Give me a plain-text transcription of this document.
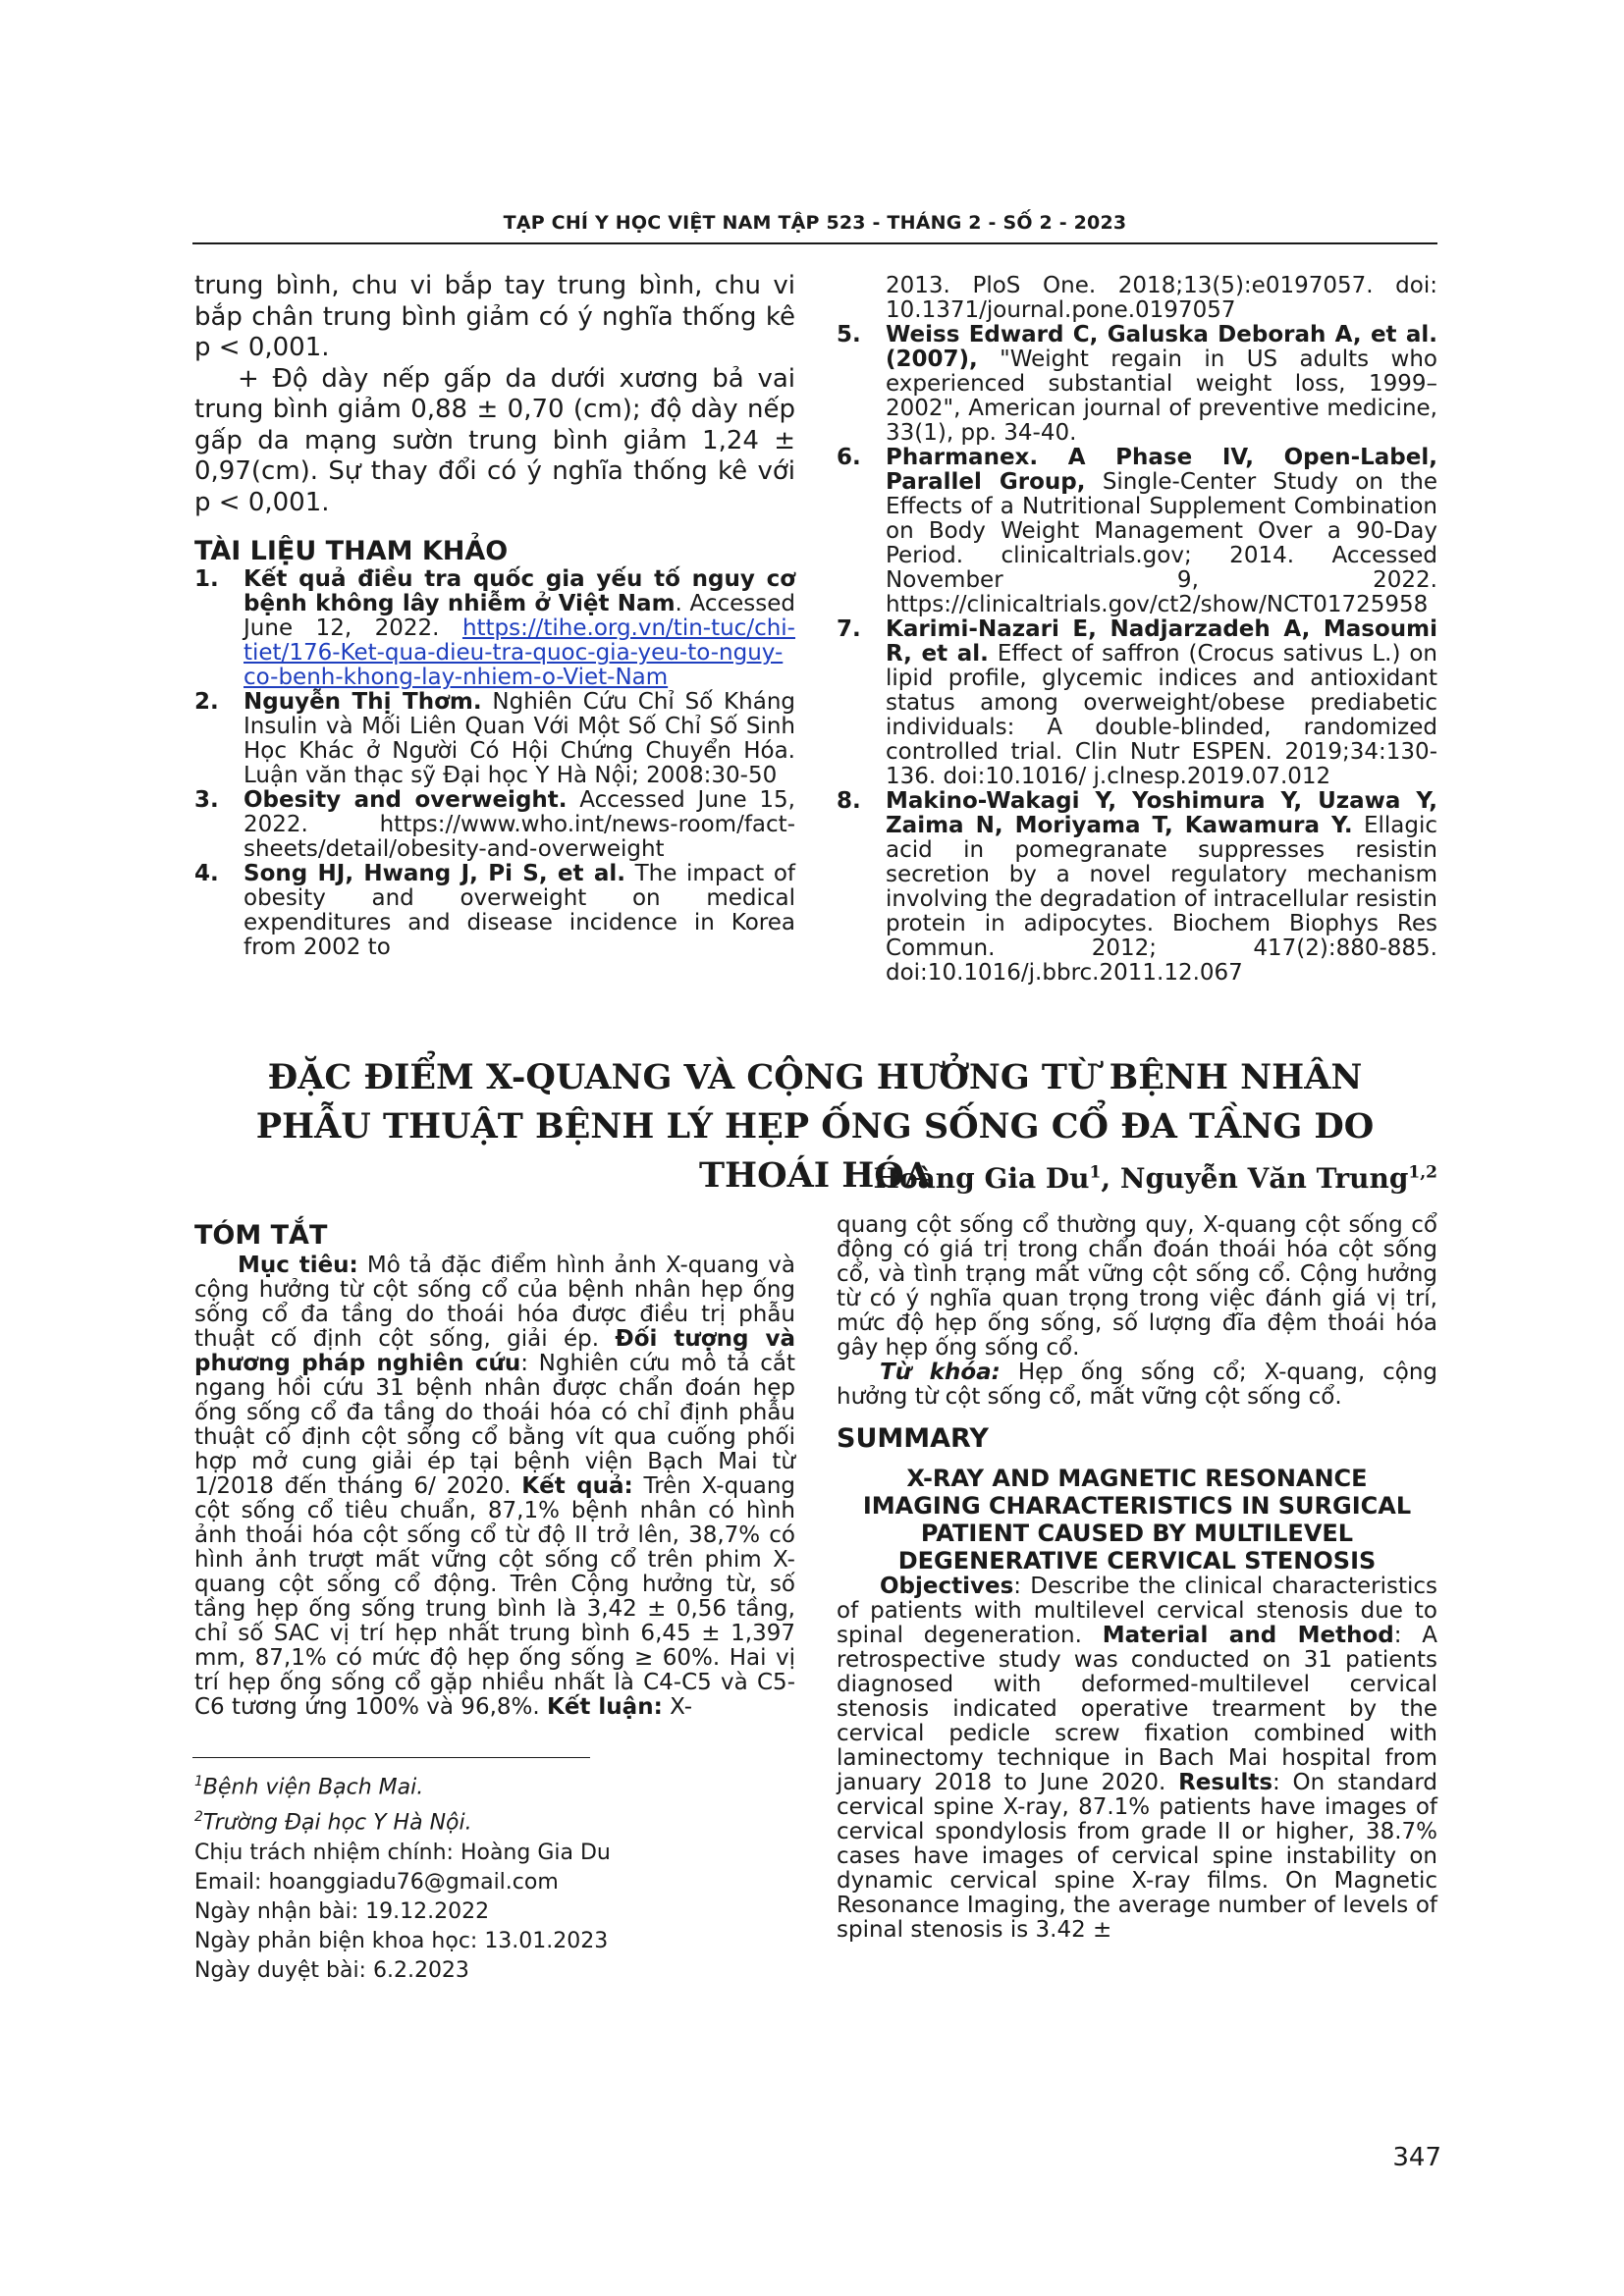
TẠP CHÍ Y HỌC VIỆT NAM TẬP 523 - THÁNG 2 - SỐ 2 - 2023

trung bình, chu vi bắp tay trung bình, chu vi bắp chân trung bình giảm có ý nghĩa thống kê p < 0,001.

+ Độ dày nếp gấp da dưới xương bả vai trung bình giảm 0,88 ± 0,70 (cm); độ dày nếp gấp da mạng sườn trung bình giảm 1,24 ± 0,97(cm). Sự thay đổi có ý nghĩa thống kê với p < 0,001.

TÀI LIỆU THAM KHẢO

1. Kết quả điều tra quốc gia yếu tố nguy cơ bệnh không lây nhiễm ở Việt Nam. Accessed June 12, 2022. https://tihe.org.vn/tin-tuc/chi-tiet/176-Ket-qua-dieu-tra-quoc-gia-yeu-to-nguy-co-benh-khong-lay-nhiem-o-Viet-Nam
2. Nguyễn Thị Thơm. Nghiên Cứu Chỉ Số Kháng Insulin và Mối Liên Quan Với Một Số Chỉ Số Sinh Học Khác ở Người Có Hội Chứng Chuyển Hóa. Luận văn thạc sỹ Đại học Y Hà Nội; 2008:30-50
3. Obesity and overweight. Accessed June 15, 2022. https://www.who.int/news-room/fact-sheets/detail/obesity-and-overweight
4. Song HJ, Hwang J, Pi S, et al. The impact of obesity and overweight on medical expenditures and disease incidence in Korea from 2002 to
2013. PloS One. 2018;13(5):e0197057. doi: 10.1371/journal.pone.0197057
5. Weiss Edward C, Galuska Deborah A, et al. (2007), "Weight regain in US adults who experienced substantial weight loss, 1999–2002", American journal of preventive medicine, 33(1), pp. 34-40.
6. Pharmanex. A Phase IV, Open-Label, Parallel Group, Single-Center Study on the Effects of a Nutritional Supplement Combination on Body Weight Management Over a 90-Day Period. clinicaltrials.gov; 2014. Accessed November 9, 2022. https://clinicaltrials.gov/ct2/show/NCT01725958
7. Karimi-Nazari E, Nadjarzadeh A, Masoumi R, et al. Effect of saffron (Crocus sativus L.) on lipid profile, glycemic indices and antioxidant status among overweight/obese prediabetic individuals: A double-blinded, randomized controlled trial. Clin Nutr ESPEN. 2019;34:130-136. doi:10.1016/ j.clnesp.2019.07.012
8. Makino-Wakagi Y, Yoshimura Y, Uzawa Y, Zaima N, Moriyama T, Kawamura Y. Ellagic acid in pomegranate suppresses resistin secretion by a novel regulatory mechanism involving the degradation of intracellular resistin protein in adipocytes. Biochem Biophys Res Commun. 2012; 417(2):880-885. doi:10.1016/j.bbrc.2011.12.067
ĐẶC ĐIỂM X-QUANG VÀ CỘNG HƯỞNG TỪ BỆNH NHÂN
PHẪU THUẬT BỆNH LÝ HẸP ỐNG SỐNG CỔ ĐA TẦNG DO THOÁI HÓA
Hoàng Gia Du$^1$, Nguyễn Văn Trung$^{1,2}$

TÓM TẮT

Mục tiêu: Mô tả đặc điểm hình ảnh X-quang và cộng hưởng từ cột sống cổ của bệnh nhân hẹp ống sống cổ đa tầng do thoái hóa được điều trị phẫu thuật cố định cột sống, giải ép. Đối tượng và phương pháp nghiên cứu: Nghiên cứu mô tả cắt ngang hồi cứu 31 bệnh nhân được chẩn đoán hẹp ống sống cổ đa tầng do thoái hóa có chỉ định phẫu thuật cố định cột sống cổ bằng vít qua cuống phối hợp mở cung giải ép tại bệnh viện Bạch Mai từ 1/2018 đến tháng 6/ 2020. Kết quả: Trên X-quang cột sống cổ tiêu chuẩn, 87,1% bệnh nhân có hình ảnh thoái hóa cột sống cổ từ độ II trở lên, 38,7% có hình ảnh trượt mất vững cột sống cổ trên phim X-quang cột sống cổ động. Trên Cộng hưởng từ, số tầng hẹp ống sống trung bình là 3,42 ± 0,56 tầng, chỉ số SAC vị trí hẹp nhất trung bình 6,45 ± 1,397 mm, 87,1% có mức độ hẹp ống sống ≥ 60%. Hai vị trí hẹp ống sống cổ gặp nhiều nhất là C4-C5 và C5-C6 tương ứng 100% và 96,8%. Kết luận: X-

$^1$Bệnh viện Bạch Mai.
$^2$Trường Đại học Y Hà Nội.
Chịu trách nhiệm chính: Hoàng Gia Du
Email: hoanggiadu76@gmail.com
Ngày nhận bài: 19.12.2022
Ngày phản biện khoa học: 13.01.2023
Ngày duyệt bài: 6.2.2023

quang cột sống cổ thường quy, X-quang cột sống cổ động có giá trị trong chẩn đoán thoái hóa cột sống cổ, và tình trạng mất vững cột sống cổ. Cộng hưởng từ có ý nghĩa quan trọng trong việc đánh giá vị trí, mức độ hẹp ống sống, số lượng đĩa đệm thoái hóa gây hẹp ống sống cổ.

Từ khóa: Hẹp ống sống cổ; X-quang, cộng hưởng từ cột sống cổ, mất vững cột sống cổ.

SUMMARY

X-RAY AND MAGNETIC RESONANCE

IMAGING CHARACTERISTICS IN SURGICAL

PATIENT CAUSED BY MULTILEVEL

DEGENERATIVE CERVICAL STENOSIS

Objectives: Describe the clinical characteristics of patients with multilevel cervical stenosis due to spinal degeneration. Material and Method: A retrospective study was conducted on 31 patients diagnosed with deformed-multilevel cervical stenosis indicated operative trearment by the cervical pedicle screw fixation combined with laminectomy technique in Bach Mai hospital from january 2018 to June 2020. Results: On standard cervical spine X-ray, 87.1% patients have images of cervical spondylosis from grade II or higher, 38.7% cases have images of cervical spine instability on dynamic cervical spine X-ray films. On Magnetic Resonance Imaging, the average number of levels of spinal stenosis is 3.42 ±

347
